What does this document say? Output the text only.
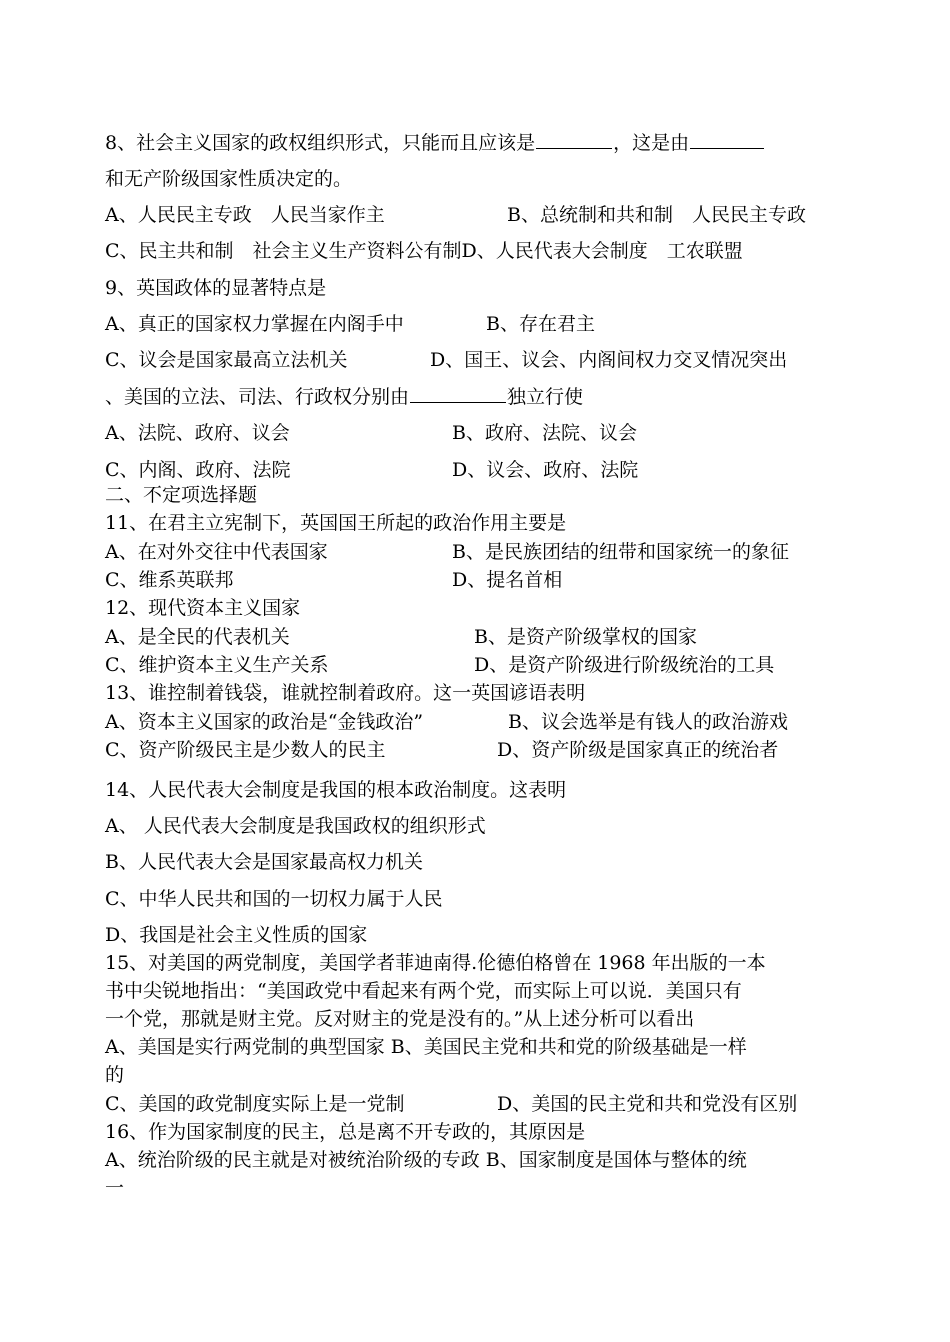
8、社会主义国家的政权组织形式，只能而且应该是	，这是由
和无产阶级国家性质决定的。
A、人民民主专政　人民当家作主	B、总统制和共和制　人民民主专政
C、民主共和制　社会主义生产资料公有制D、人民代表大会制度　工农联盟
9、英国政体的显著特点是
A、真正的国家权力掌握在内阁手中	B、存在君主
C、议会是国家最高立法机关	D、国王、议会、内阁间权力交叉情况突出
、美国的立法、司法、行政权分别由	独立行使
A、法院、政府、议会	B、政府、法院、议会
C、内阁、政府、法院	D、议会、政府、法院
二、不定项选择题
11、在君主立宪制下，英国国王所起的政治作用主要是
A、在对外交往中代表国家	B、是民族团结的纽带和国家统一的象征
C、维系英联邦	D、提名首相
12、现代资本主义国家
A、是全民的代表机关	B、是资产阶级掌权的国家
C、维护资本主义生产关系	D、是资产阶级进行阶级统治的工具
13、谁控制着钱袋，谁就控制着政府。这一英国谚语表明
A、资本主义国家的政治是“金钱政治”	B、议会选举是有钱人的政治游戏
C、资产阶级民主是少数人的民主	D、资产阶级是国家真正的统治者
14、人民代表大会制度是我国的根本政治制度。这表明
A、 人民代表大会制度是我国政权的组织形式
B、人民代表大会是国家最高权力机关
C、中华人民共和国的一切权力属于人民
D、我国是社会主义性质的国家
15、对美国的两党制度，美国学者菲迪南得.伦德伯格曾在 1968 年出版的一本
书中尖锐地指出：“美国政党中看起来有两个党，而实际上可以说．美国只有
一个党，那就是财主党。反对财主的党是没有的。”从上述分析可以看出
A、美国是实行两党制的典型国家 B、美国民主党和共和党的阶级基础是一样
的
C、美国的政党制度实际上是一党制	D、美国的民主党和共和党没有区别
16、作为国家制度的民主，总是离不开专政的，其原因是
A、统治阶级的民主就是对被统治阶级的专政 B、国家制度是国体与整体的统
一
